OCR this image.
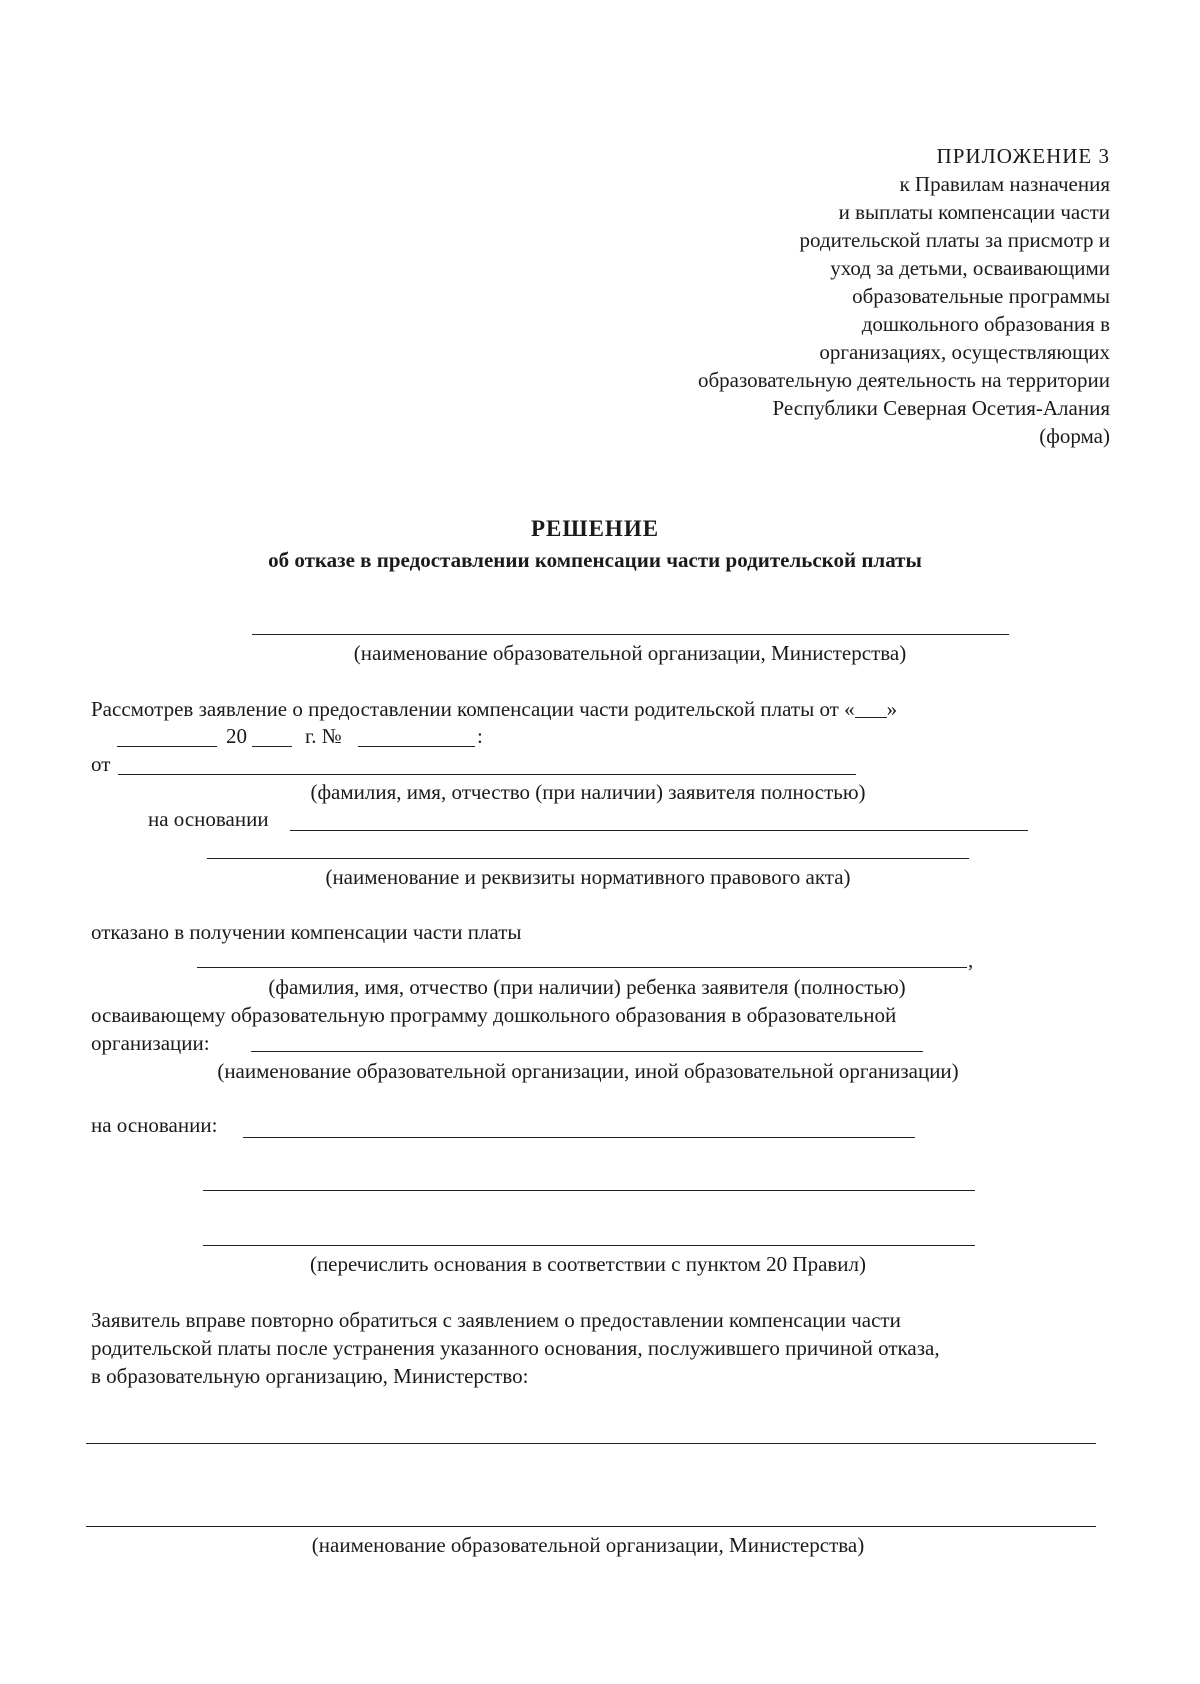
ПРИЛОЖЕНИЕ 3
к Правилам назначения
и выплаты компенсации части
родительской платы за присмотр и
уход за детьми, осваивающими
образовательные программы
дошкольного образования в
организациях, осуществляющих
образовательную деятельность на территории
Республики Северная Осетия-Алания
(форма)
РЕШЕНИЕ
об отказе в предоставлении компенсации части родительской платы
(наименование образовательной организации, Министерства)
Рассмотрев заявление о предоставлении компенсации части родительской платы от « »
20	г. №	:
от
(фамилия, имя, отчество (при наличии) заявителя полностью)
на основании
(наименование и реквизиты нормативного правового акта)
отказано в получении компенсации части платы
,
(фамилия, имя, отчество (при наличии) ребенка заявителя (полностью)
осваивающему образовательную программу дошкольного образования в образовательной
организации:
(наименование образовательной организации, иной образовательной организации)
на основании:
(перечислить основания в соответствии с пунктом 20 Правил)
Заявитель вправе повторно обратиться с заявлением о предоставлении компенсации части
родительской платы после устранения указанного основания, послужившего причиной отказа,
в образовательную организацию, Министерство:
(наименование образовательной организации, Министерства)
